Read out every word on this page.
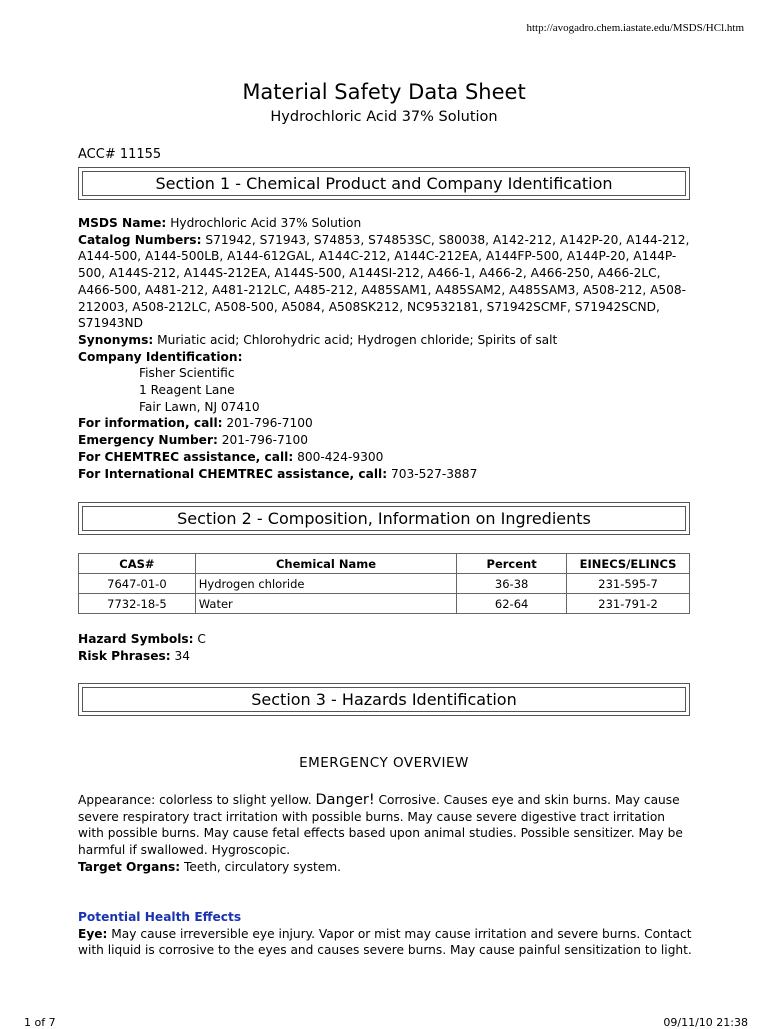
http://avogadro.chem.iastate.edu/MSDS/HCl.htm
Material Safety Data Sheet
Hydrochloric Acid 37% Solution
ACC# 11155
Section 1 - Chemical Product and Company Identification
MSDS Name: Hydrochloric Acid 37% Solution
Catalog Numbers: S71942, S71943, S74853, S74853SC, S80038, A142-212, A142P-20, A144-212, A144-500, A144-500LB, A144-612GAL, A144C-212, A144C-212EA, A144FP-500, A144P-20, A144P-500, A144S-212, A144S-212EA, A144S-500, A144SI-212, A466-1, A466-2, A466-250, A466-2LC, A466-500, A481-212, A481-212LC, A485-212, A485SAM1, A485SAM2, A485SAM3, A508-212, A508-212003, A508-212LC, A508-500, A5084, A508SK212, NC9532181, S71942SCMF, S71942SCND, S71943ND
Synonyms: Muriatic acid; Chlorohydric acid; Hydrogen chloride; Spirits of salt
Company Identification:
Fisher Scientific
1 Reagent Lane
Fair Lawn, NJ 07410
For information, call: 201-796-7100
Emergency Number: 201-796-7100
For CHEMTREC assistance, call: 800-424-9300
For International CHEMTREC assistance, call: 703-527-3887
Section 2 - Composition, Information on Ingredients
CAS#	Chemical Name	Percent	EINECS/ELINCS
7647-01-0	Hydrogen chloride	36-38	231-595-7
7732-18-5	Water	62-64	231-791-2
Hazard Symbols: C
Risk Phrases: 34
Section 3 - Hazards Identification
EMERGENCY OVERVIEW
Appearance: colorless to slight yellow. Danger! Corrosive. Causes eye and skin burns. May cause severe respiratory tract irritation with possible burns. May cause severe digestive tract irritation with possible burns. May cause fetal effects based upon animal studies. Possible sensitizer. May be harmful if swallowed. Hygroscopic.
Target Organs: Teeth, circulatory system.
Potential Health Effects
Eye: May cause irreversible eye injury. Vapor or mist may cause irritation and severe burns. Contact with liquid is corrosive to the eyes and causes severe burns. May cause painful sensitization to light.
1 of 7	09/11/10 21:38
